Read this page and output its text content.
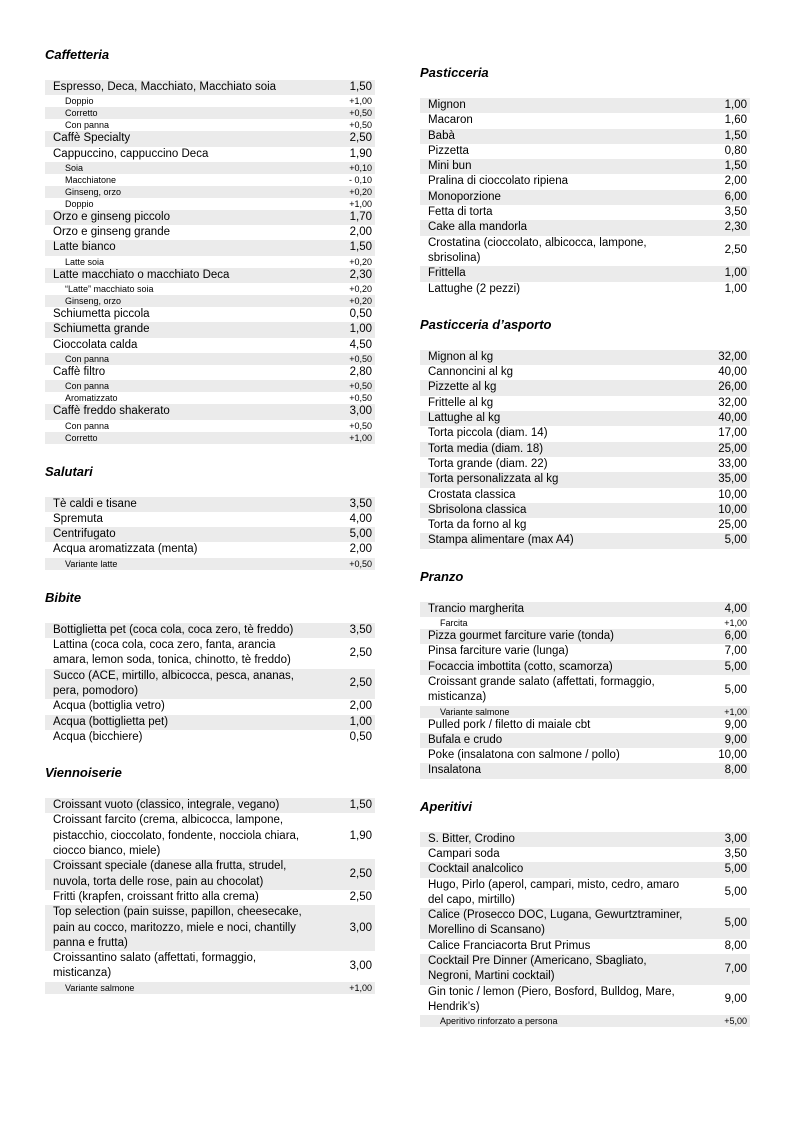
Caffetteria
Espresso, Deca, Macchiato, Macchiato soia	1,50
Doppio	+1,00
Corretto	+0,50
Con panna	+0,50
Caffè Specialty	2,50
Cappuccino, cappuccino Deca	1,90
Soia	+0,10
Macchiatone	- 0,10
Ginseng, orzo	+0,20
Doppio	+1,00
Orzo e ginseng piccolo	1,70
Orzo e ginseng grande	2,00
Latte bianco	1,50
Latte soia	+0,20
Latte macchiato o macchiato Deca	2,30
“Latte” macchiato soia	+0,20
Ginseng, orzo	+0,20
Schiumetta piccola	0,50
Schiumetta grande	1,00
Cioccolata calda	4,50
Con panna	+0,50
Caffè filtro	2,80
Con panna	+0,50
Aromatizzato	+0,50
Caffè freddo shakerato	3,00
Con panna	+0,50
Corretto	+1,00
Salutari
Tè caldi e tisane	3,50
Spremuta	4,00
Centrifugato	5,00
Acqua aromatizzata (menta)	2,00
Variante latte	+0,50
Bibite
Bottiglietta pet (coca cola, coca zero, tè freddo)	3,50
Lattina (coca cola, coca zero, fanta, arancia amara, lemon soda, tonica, chinotto, tè freddo)
2,50
Succo (ACE, mirtillo, albicocca, pesca, ananas, pera, pomodoro)
2,50
Acqua (bottiglia vetro)	2,00
Acqua (bottiglietta pet)	1,00
Acqua (bicchiere)	0,50
Viennoiserie
Croissant vuoto (classico, integrale, vegano)	1,50
Croissant farcito (crema, albicocca, lampone, pistacchio, cioccolato, fondente, nocciola chiara, ciocco bianco, miele)
1,90
Croissant speciale (danese alla frutta, strudel, nuvola, torta delle rose, pain au chocolat)
2,50
Fritti (krapfen, croissant fritto alla crema)	2,50
Top selection (pain suisse, papillon, cheesecake, pain au cocco, maritozzo, miele e noci, chantilly panna e frutta)
3,00
Croissantino salato (affettati, formaggio, misticanza)
3,00
Variante salmone	+1,00
Pasticceria
Mignon	1,00
Macaron	1,60
Babà	1,50
Pizzetta	0,80
Mini bun	1,50
Pralina di cioccolato ripiena	2,00
Monoporzione	6,00
Fetta di torta	3,50
Cake alla mandorla	2,30
Crostatina (cioccolato, albicocca, lampone, sbrisolina)
2,50
Frittella	1,00
Lattughe (2 pezzi)	1,00
Pasticceria d’asporto
Mignon al kg	32,00
Cannoncini al kg	40,00
Pizzette al kg	26,00
Frittelle al kg	32,00
Lattughe al kg	40,00
Torta piccola (diam. 14)	17,00
Torta media (diam. 18)	25,00
Torta grande (diam. 22)	33,00
Torta personalizzata al kg	35,00
Crostata classica	10,00
Sbrisolona classica	10,00
Torta da forno al kg	25,00
Stampa alimentare (max A4)	5,00
Pranzo
Trancio margherita	4,00
Farcita	+1,00
Pizza gourmet farciture varie (tonda)	6,00
Pinsa farciture varie (lunga)	7,00
Focaccia imbottita (cotto, scamorza)	5,00
Croissant grande salato (affettati, formaggio, misticanza)
5,00
Variante salmone	+1,00
Pulled pork / filetto di maiale cbt	9,00
Bufala e crudo	9,00
Poke (insalatona con salmone / pollo)	10,00
Insalatona	8,00
Aperitivi
S. Bitter, Crodino	3,00
Campari soda	3,50
Cocktail analcolico	5,00
Hugo, Pirlo (aperol, campari, misto, cedro, amaro del capo, mirtillo)
5,00
Calice (Prosecco DOC, Lugana, Gewurtztraminer, Morellino di Scansano)
5,00
Calice Franciacorta Brut Primus	8,00
Cocktail Pre Dinner (Americano, Sbagliato, Negroni, Martini cocktail)
7,00
Gin tonic / lemon (Piero, Bosford, Bulldog, Mare, Hendrik’s)
9,00
Aperitivo rinforzato a persona	+5,00
